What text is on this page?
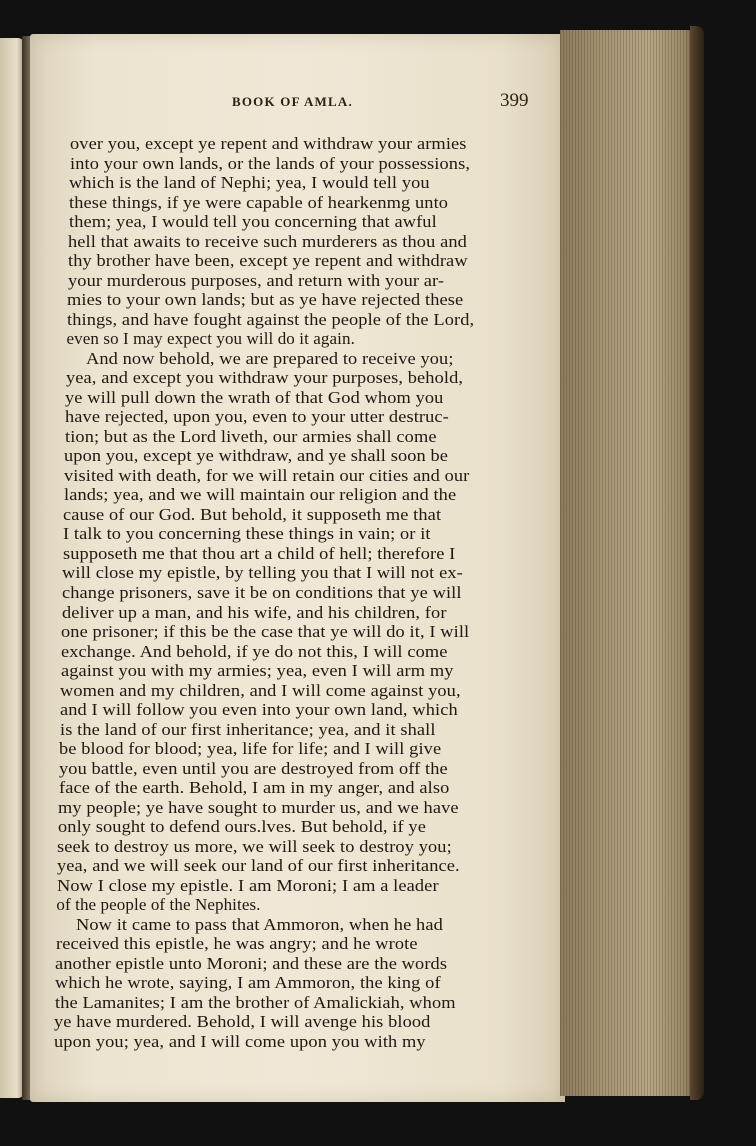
BOOK OF AMLA.	399
over you, except ye repent and withdraw your armies
into your own lands, or the lands of your possessions,
which is the land of Nephi; yea, I would tell you
these things, if ye were capable of hearkenmg unto
them; yea, I would tell you concerning that awful
hell that awaits to receive such murderers as thou and
thy brother have been, except ye repent and withdraw
your murderous purposes, and return with your ar-
mies to your own lands; but as ye have rejected these
things, and have fought against the people of the Lord,
even so I may expect you will do it again.
And now behold, we are prepared to receive you;
yea, and except you withdraw your purposes, behold,
ye will pull down the wrath of that God whom you
have rejected, upon you, even to your utter destruc-
tion; but as the Lord liveth, our armies shall come
upon you, except ye withdraw, and ye shall soon be
visited with death, for we will retain our cities and our
lands; yea, and we will maintain our religion and the
cause of our God. But behold, it supposeth me that
I talk to you concerning these things in vain; or it
supposeth me that thou art a child of hell; therefore I
will close my epistle, by telling you that I will not ex-
change prisoners, save it be on conditions that ye will
deliver up a man, and his wife, and his children, for
one prisoner; if this be the case that ye will do it, I will
exchange. And behold, if ye do not this, I will come
against you with my armies; yea, even I will arm my
women and my children, and I will come against you,
and I will follow you even into your own land, which
is the land of our first inheritance; yea, and it shall
be blood for blood; yea, life for life; and I will give
you battle, even until you are destroyed from off the
face of the earth. Behold, I am in my anger, and also
my people; ye have sought to murder us, and we have
only sought to defend ours.lves. But behold, if ye
seek to destroy us more, we will seek to destroy you;
yea, and we will seek our land of our first inheritance.
Now I close my epistle. I am Moroni; I am a leader
of the people of the Nephites.
Now it came to pass that Ammoron, when he had
received this epistle, he was angry; and he wrote
another epistle unto Moroni; and these are the words
which he wrote, saying, I am Ammoron, the king of
the Lamanites; I am the brother of Amalickiah, whom
ye have murdered. Behold, I will avenge his blood
upon you; yea, and I will come upon you with my
